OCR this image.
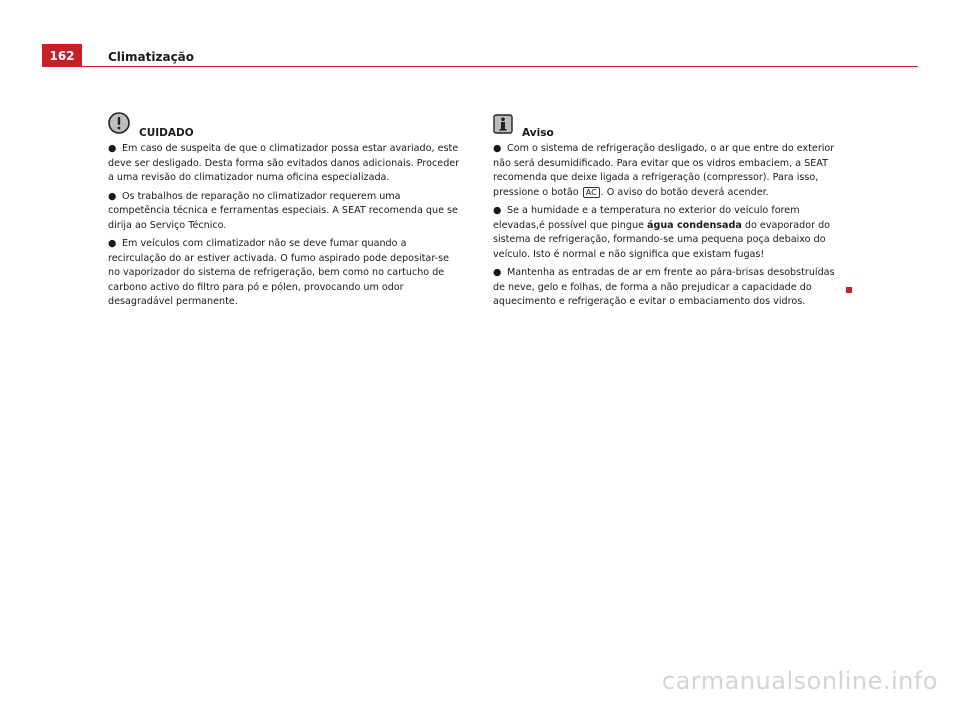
162	Climatização
CUIDADO

● Em caso de suspeita de que o climatizador possa estar avariado, este deve ser desligado. Desta forma são evitados danos adicionais. Proceder a uma revisão do climatizador numa oficina especializada.

● Os trabalhos de reparação no climatizador requerem uma competência técnica e ferramentas especiais. A SEAT recomenda que se dirija ao Serviço Técnico.

● Em veículos com climatizador não se deve fumar quando a recirculação do ar estiver activada. O fumo aspirado pode depositar-se no vaporizador do sistema de refrigeração, bem como no cartucho de carbono activo do filtro para pó e pólen, provocando um odor desagradável permanente.

Aviso

● Com o sistema de refrigeração desligado, o ar que entre do exterior não será desumidificado. Para evitar que os vidros embaciem, a SEAT recomenda que deixe ligada a refrigeração (compressor). Para isso, pressione o botão AC . O aviso do botão deverá acender.

● Se a humidade e a temperatura no exterior do veículo forem elevadas,é possível que pingue água condensada do evaporador do sistema de refrigeração, formando-se uma pequena poça debaixo do veículo. Isto é normal e não significa que existam fugas!

● Mantenha as entradas de ar em frente ao pára-brisas desobstruídas de neve, gelo e folhas, de forma a não prejudicar a capacidade do aquecimento e refrigeração e evitar o embaciamento dos vidros.

carmanualsonline.info
